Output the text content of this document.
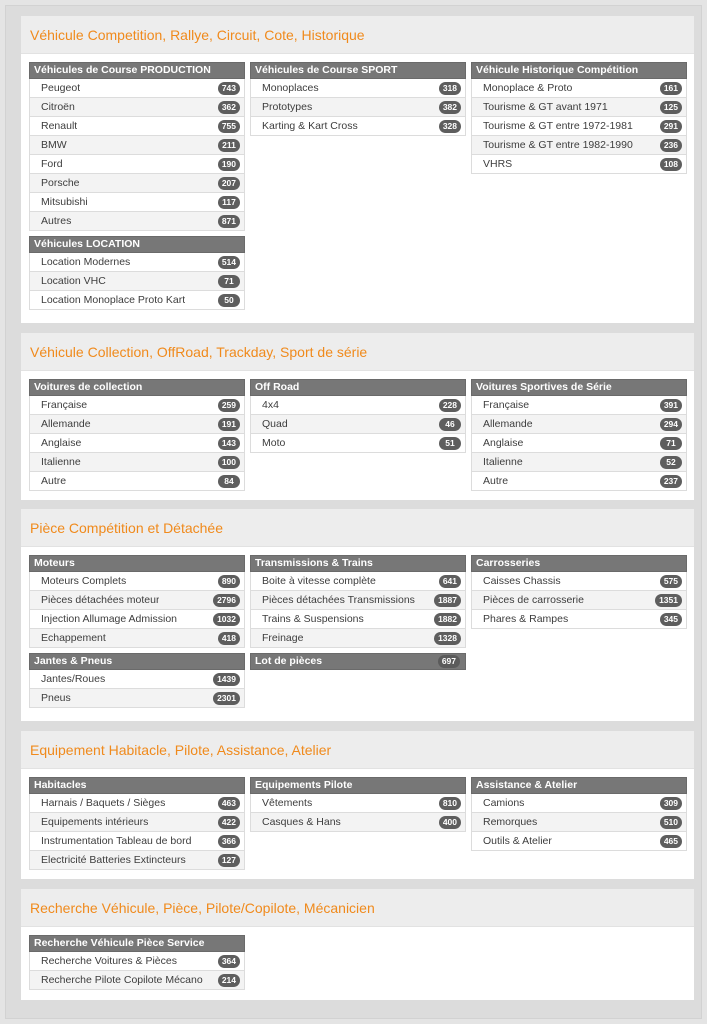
Véhicule Competition, Rallye, Circuit, Cote, Historique
Véhicules de Course PRODUCTION
Peugeot	743
Citroën	362
Renault	755
BMW	211
Ford	190
Porsche	207
Mitsubishi	117
Autres	871
Véhicules LOCATION
Location Modernes	514
Location VHC	71
Location Monoplace Proto Kart	50
Véhicules de Course SPORT
Monoplaces	318
Prototypes	382
Karting & Kart Cross	328
Véhicule Historique Compétition
Monoplace & Proto	161
Tourisme & GT avant 1971	125
Tourisme & GT entre 1972-1981	291
Tourisme & GT entre 1982-1990	236
VHRS	108
Véhicule Collection, OffRoad, Trackday, Sport de série
Voitures de collection
Française	259
Allemande	191
Anglaise	143
Italienne	100
Autre	84
Off Road
4x4	228
Quad	46
Moto	51
Voitures Sportives de Série
Française	391
Allemande	294
Anglaise	71
Italienne	52
Autre	237
Pièce Compétition et Détachée
Moteurs
Moteurs Complets	890
Pièces détachées moteur	2796
Injection Allumage Admission	1032
Echappement	418
Jantes & Pneus
Jantes/Roues	1439
Pneus	2301
Transmissions & Trains
Boite à vitesse complète	641
Pièces détachées Transmissions	1887
Trains & Suspensions	1882
Freinage	1328
Lot de pièces	697
Carrosseries
Caisses Chassis	575
Pièces de carrosserie	1351
Phares & Rampes	345
Equipement Habitacle, Pilote, Assistance, Atelier
Habitacles
Harnais / Baquets / Sièges	463
Equipements intérieurs	422
Instrumentation Tableau de bord	366
Electricité Batteries Extincteurs	127
Equipements Pilote
Vêtements	810
Casques & Hans	400
Assistance & Atelier
Camions	309
Remorques	510
Outils & Atelier	465
Recherche Véhicule, Pièce, Pilote/Copilote, Mécanicien
Recherche Véhicule Pièce Service
Recherche Voitures & Pièces	364
Recherche Pilote Copilote Mécano	214
